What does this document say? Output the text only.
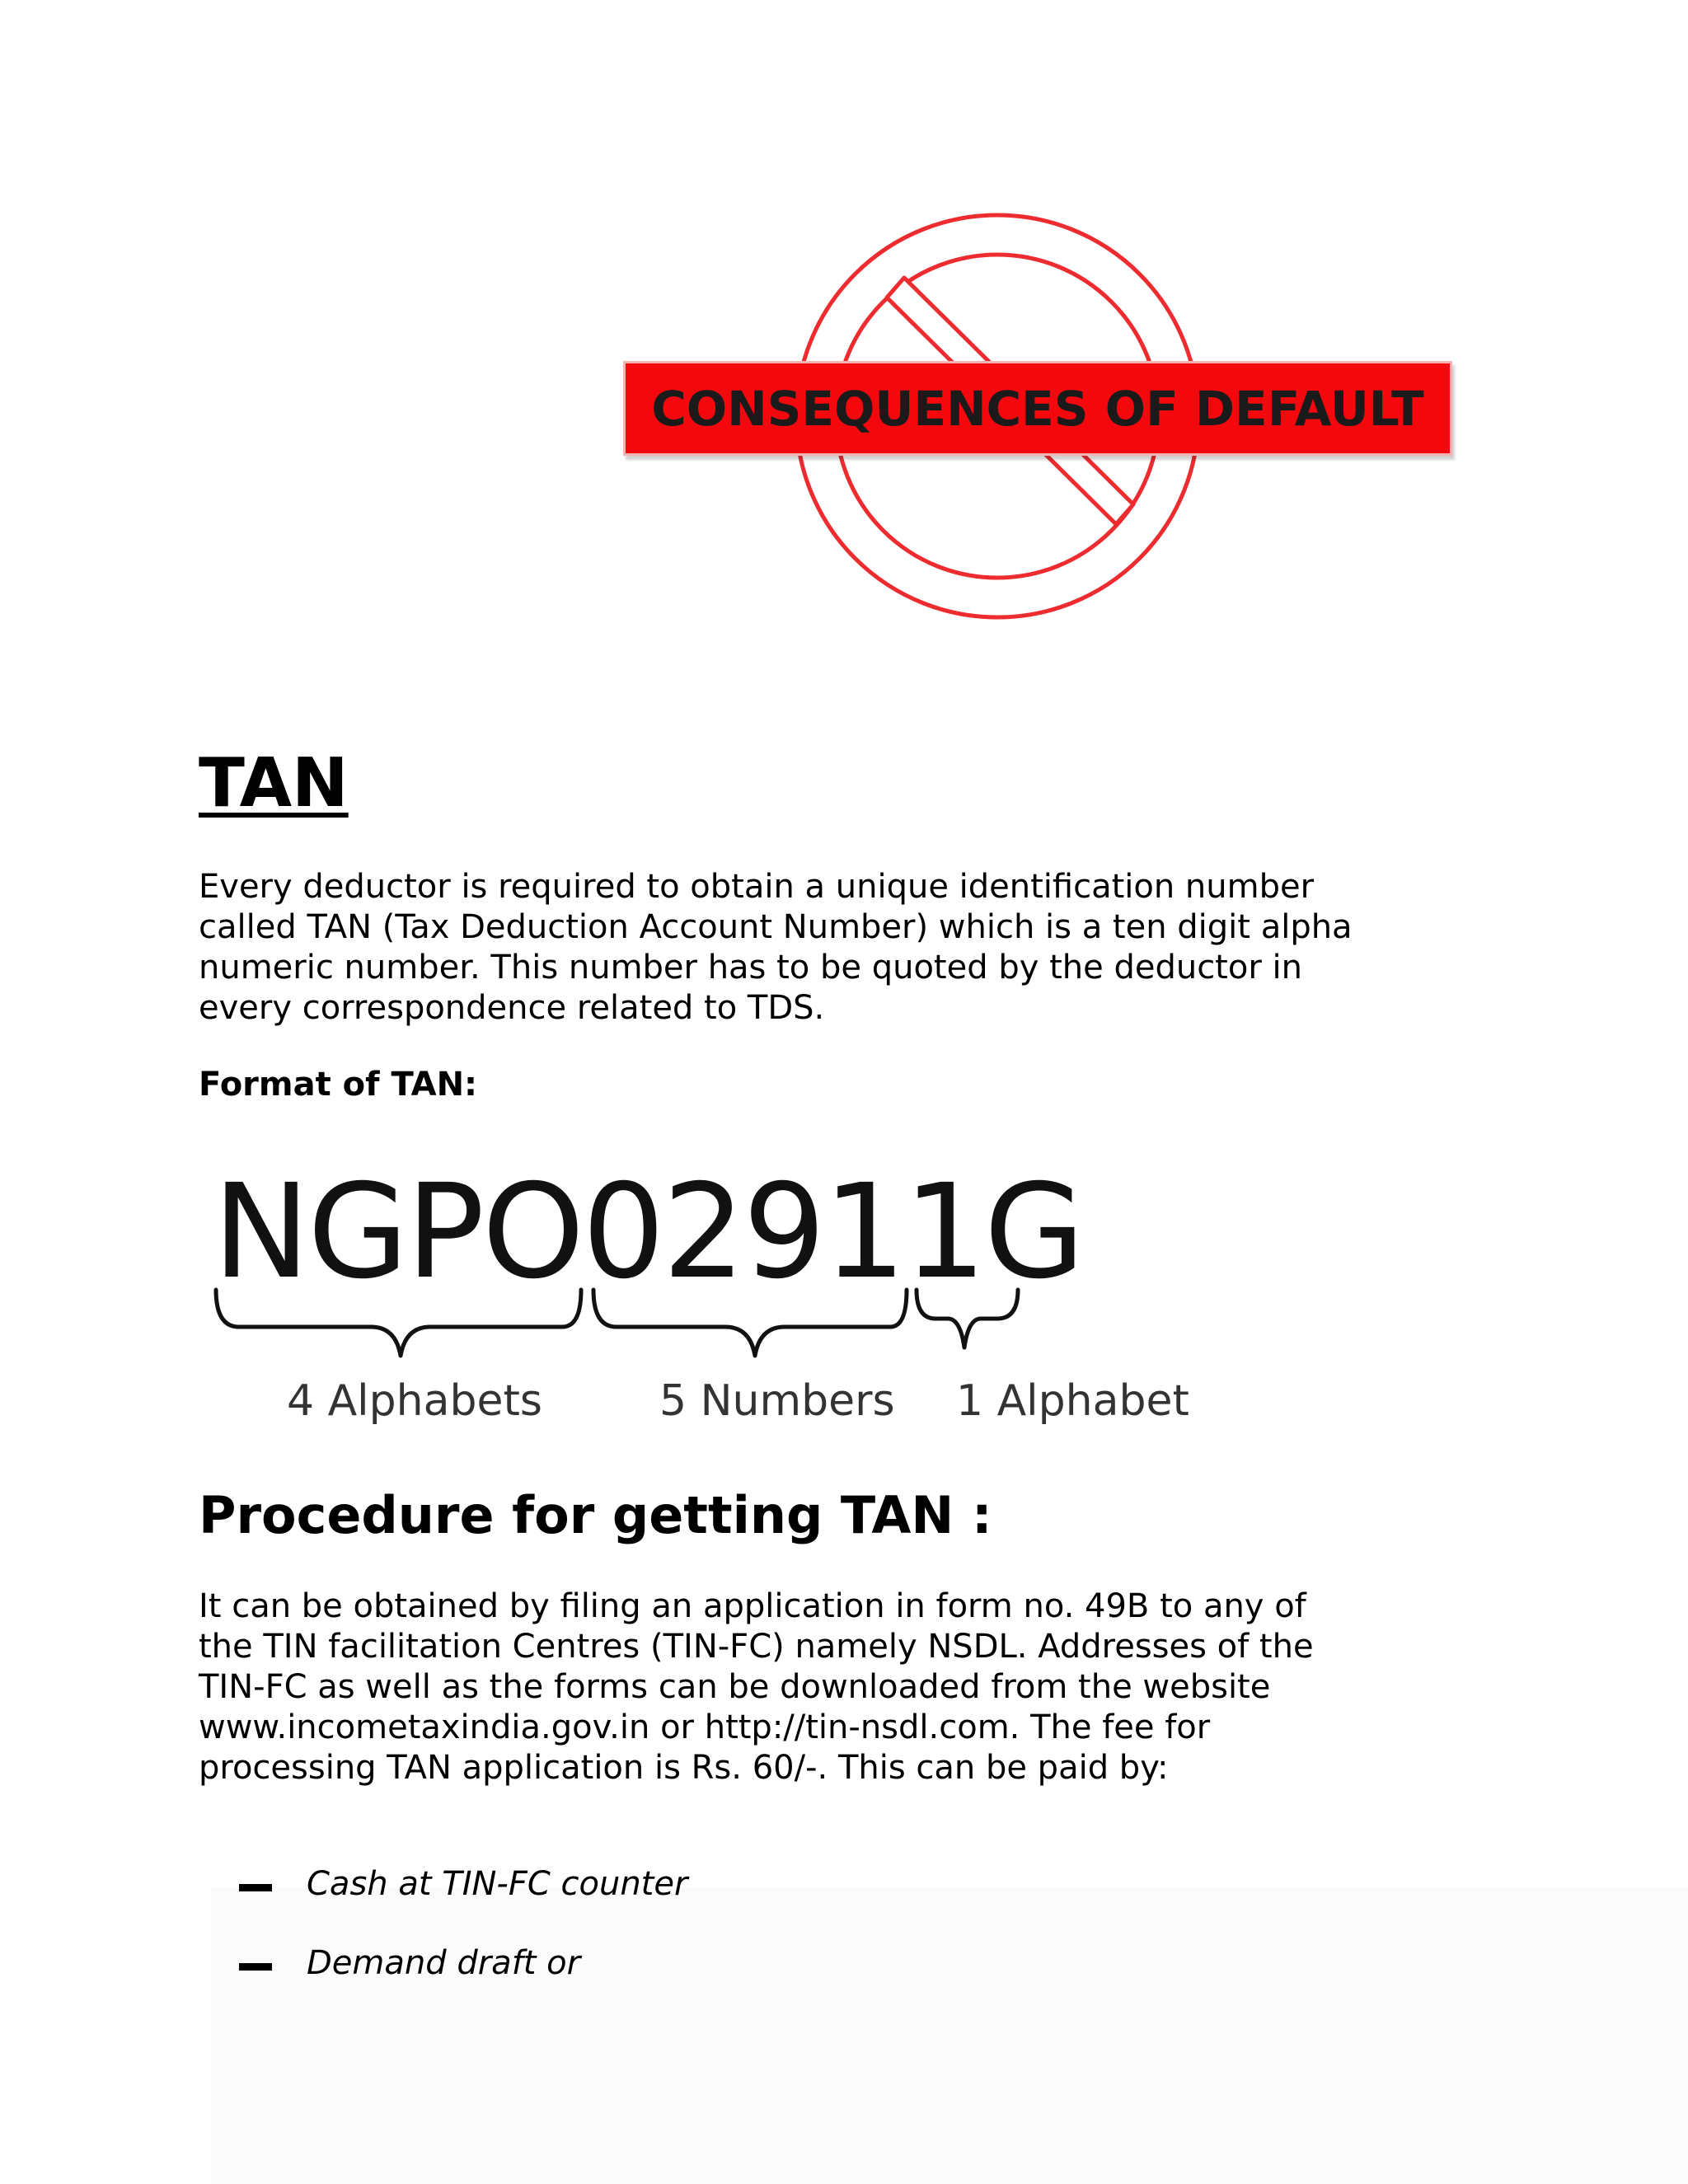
CONSEQUENCES OF DEFAULT
TAN

Every deductor is required to obtain a unique identification number called TAN (Tax Deduction Account Number) which is a ten digit alpha numeric number. This number has to be quoted by the deductor in every correspondence related to TDS.

Format of TAN:

NGPO02911G
4 Alphabets	5 Numbers 1 Alphabet
Procedure for getting TAN :

It can be obtained by filing an application in form no. 49B to any of the TIN facilitation Centres (TIN-FC) namely NSDL. Addresses of the TIN-FC as well as the forms can be downloaded from the website www.incometaxindia.gov.in or http://tin-nsdl.com. The fee for processing TAN application is Rs. 60/-. This can be paid by:

Cash at TIN-FC counter
Demand draft or
